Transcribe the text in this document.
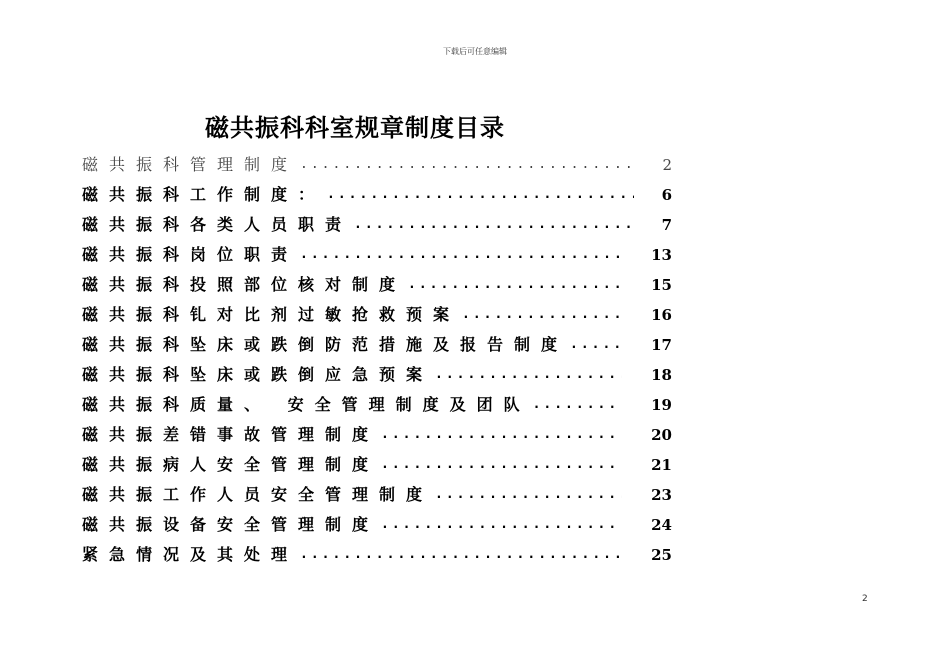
下载后可任意编辑
磁共振科科室规章制度目录
磁共振科管理制度 .....	2
磁共振科工作制度： .....	6
磁共振科各类人员职责 .....	7
磁共振科岗位职责 .....	13
磁共振科投照部位核对制度 .....	15
磁共振科钆对比剂过敏抢救预案 .....	16
磁共振科坠床或跌倒防范措施及报告制度 .....	17
磁共振科坠床或跌倒应急预案 .....	18
磁共振科质量、 安全管理制度及团队 .....	19
磁共振差错事故管理制度 .....	20
磁共振病人安全管理制度 .....	21
磁共振工作人员安全管理制度 .....	23
磁共振设备安全管理制度 .....	24
紧急情况及其处理 .....	25
2
